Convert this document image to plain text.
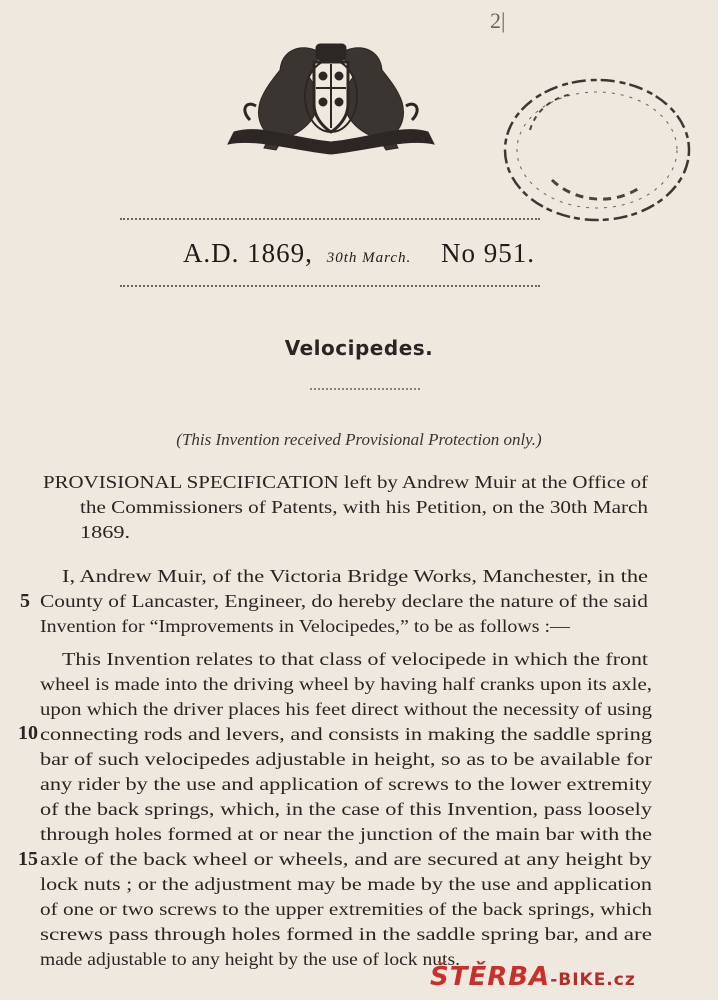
2|
A.D. 1869, 30th March. No 951.
Velocipedes.
(This Invention received Provisional Protection only.)
PROVISIONAL SPECIFICATION left by Andrew Muir at the Office of
the Commissioners of Patents, with his Petition, on the 30th March
1869.
I, Andrew Muir, of the Victoria Bridge Works, Manchester, in the
County of Lancaster, Engineer, do hereby declare the nature of the said
Invention for “Improvements in Velocipedes,” to be as follows :—
This Invention relates to that class of velocipede in which the front
wheel is made into the driving wheel by having half cranks upon its axle,
upon which the driver places his feet direct without the necessity of using
connecting rods and levers, and consists in making the saddle spring
bar of such velocipedes adjustable in height, so as to be available for
any rider by the use and application of screws to the lower extremity
of the back springs, which, in the case of this Invention, pass loosely
through holes formed at or near the junction of the main bar with the
axle of the back wheel or wheels, and are secured at any height by
lock nuts ; or the adjustment may be made by the use and application
of one or two screws to the upper extremities of the back springs, which
screws pass through holes formed in the saddle spring bar, and are
made adjustable to any height by the use of lock nuts.
5
10
15
ŠTĚRBA-BIKE.cz
